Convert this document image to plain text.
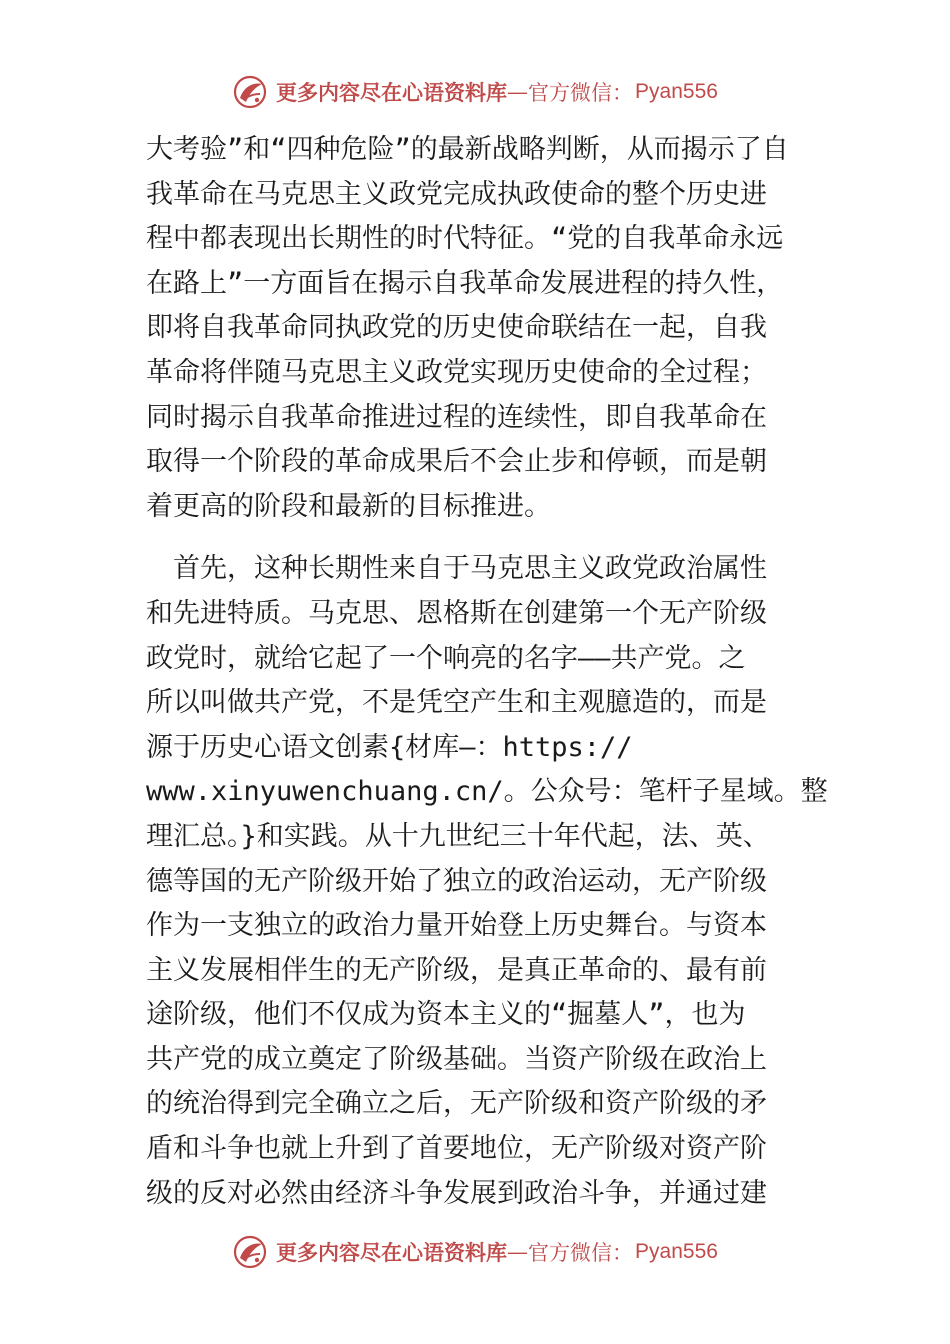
更多内容尽在心语资料库 — 官方微信： Pyan556
大考验”和“四种危险”的最新战略判断，从而揭示了自
我革命在马克思主义政党完成执政使命的整个历史进
程中都表现出长期性的时代特征。“党的自我革命永远
在路上”一方面旨在揭示自我革命发展进程的持久性，
即将自我革命同执政党的历史使命联结在一起，自我
革命将伴随马克思主义政党实现历史使命的全过程；
同时揭示自我革命推进过程的连续性，即自我革命在
取得一个阶段的革命成果后不会止步和停顿，而是朝
着更高的阶段和最新的目标推进。
　首先，这种长期性来自于马克思主义政党政治属性
和先进特质。马克思、恩格斯在创建第一个无产阶级
政党时，就给它起了一个响亮的名字——共产党。之
所以叫做共产党，不是凭空产生和主观臆造的，而是
源于历史心语文创素{材库—：https://
www.xinyuwenchuang.cn/。公众号：笔杆子星域。整
理汇总。}和实践。从十九世纪三十年代起，法、英、
德等国的无产阶级开始了独立的政治运动，无产阶级
作为一支独立的政治力量开始登上历史舞台。与资本
主义发展相伴生的无产阶级，是真正革命的、最有前
途阶级，他们不仅成为资本主义的“掘墓人”，也为
共产党的成立奠定了阶级基础。当资产阶级在政治上
的统治得到完全确立之后，无产阶级和资产阶级的矛
盾和斗争也就上升到了首要地位，无产阶级对资产阶
级的反对必然由经济斗争发展到政治斗争，并通过建
更多内容尽在心语资料库 — 官方微信： Pyan556
